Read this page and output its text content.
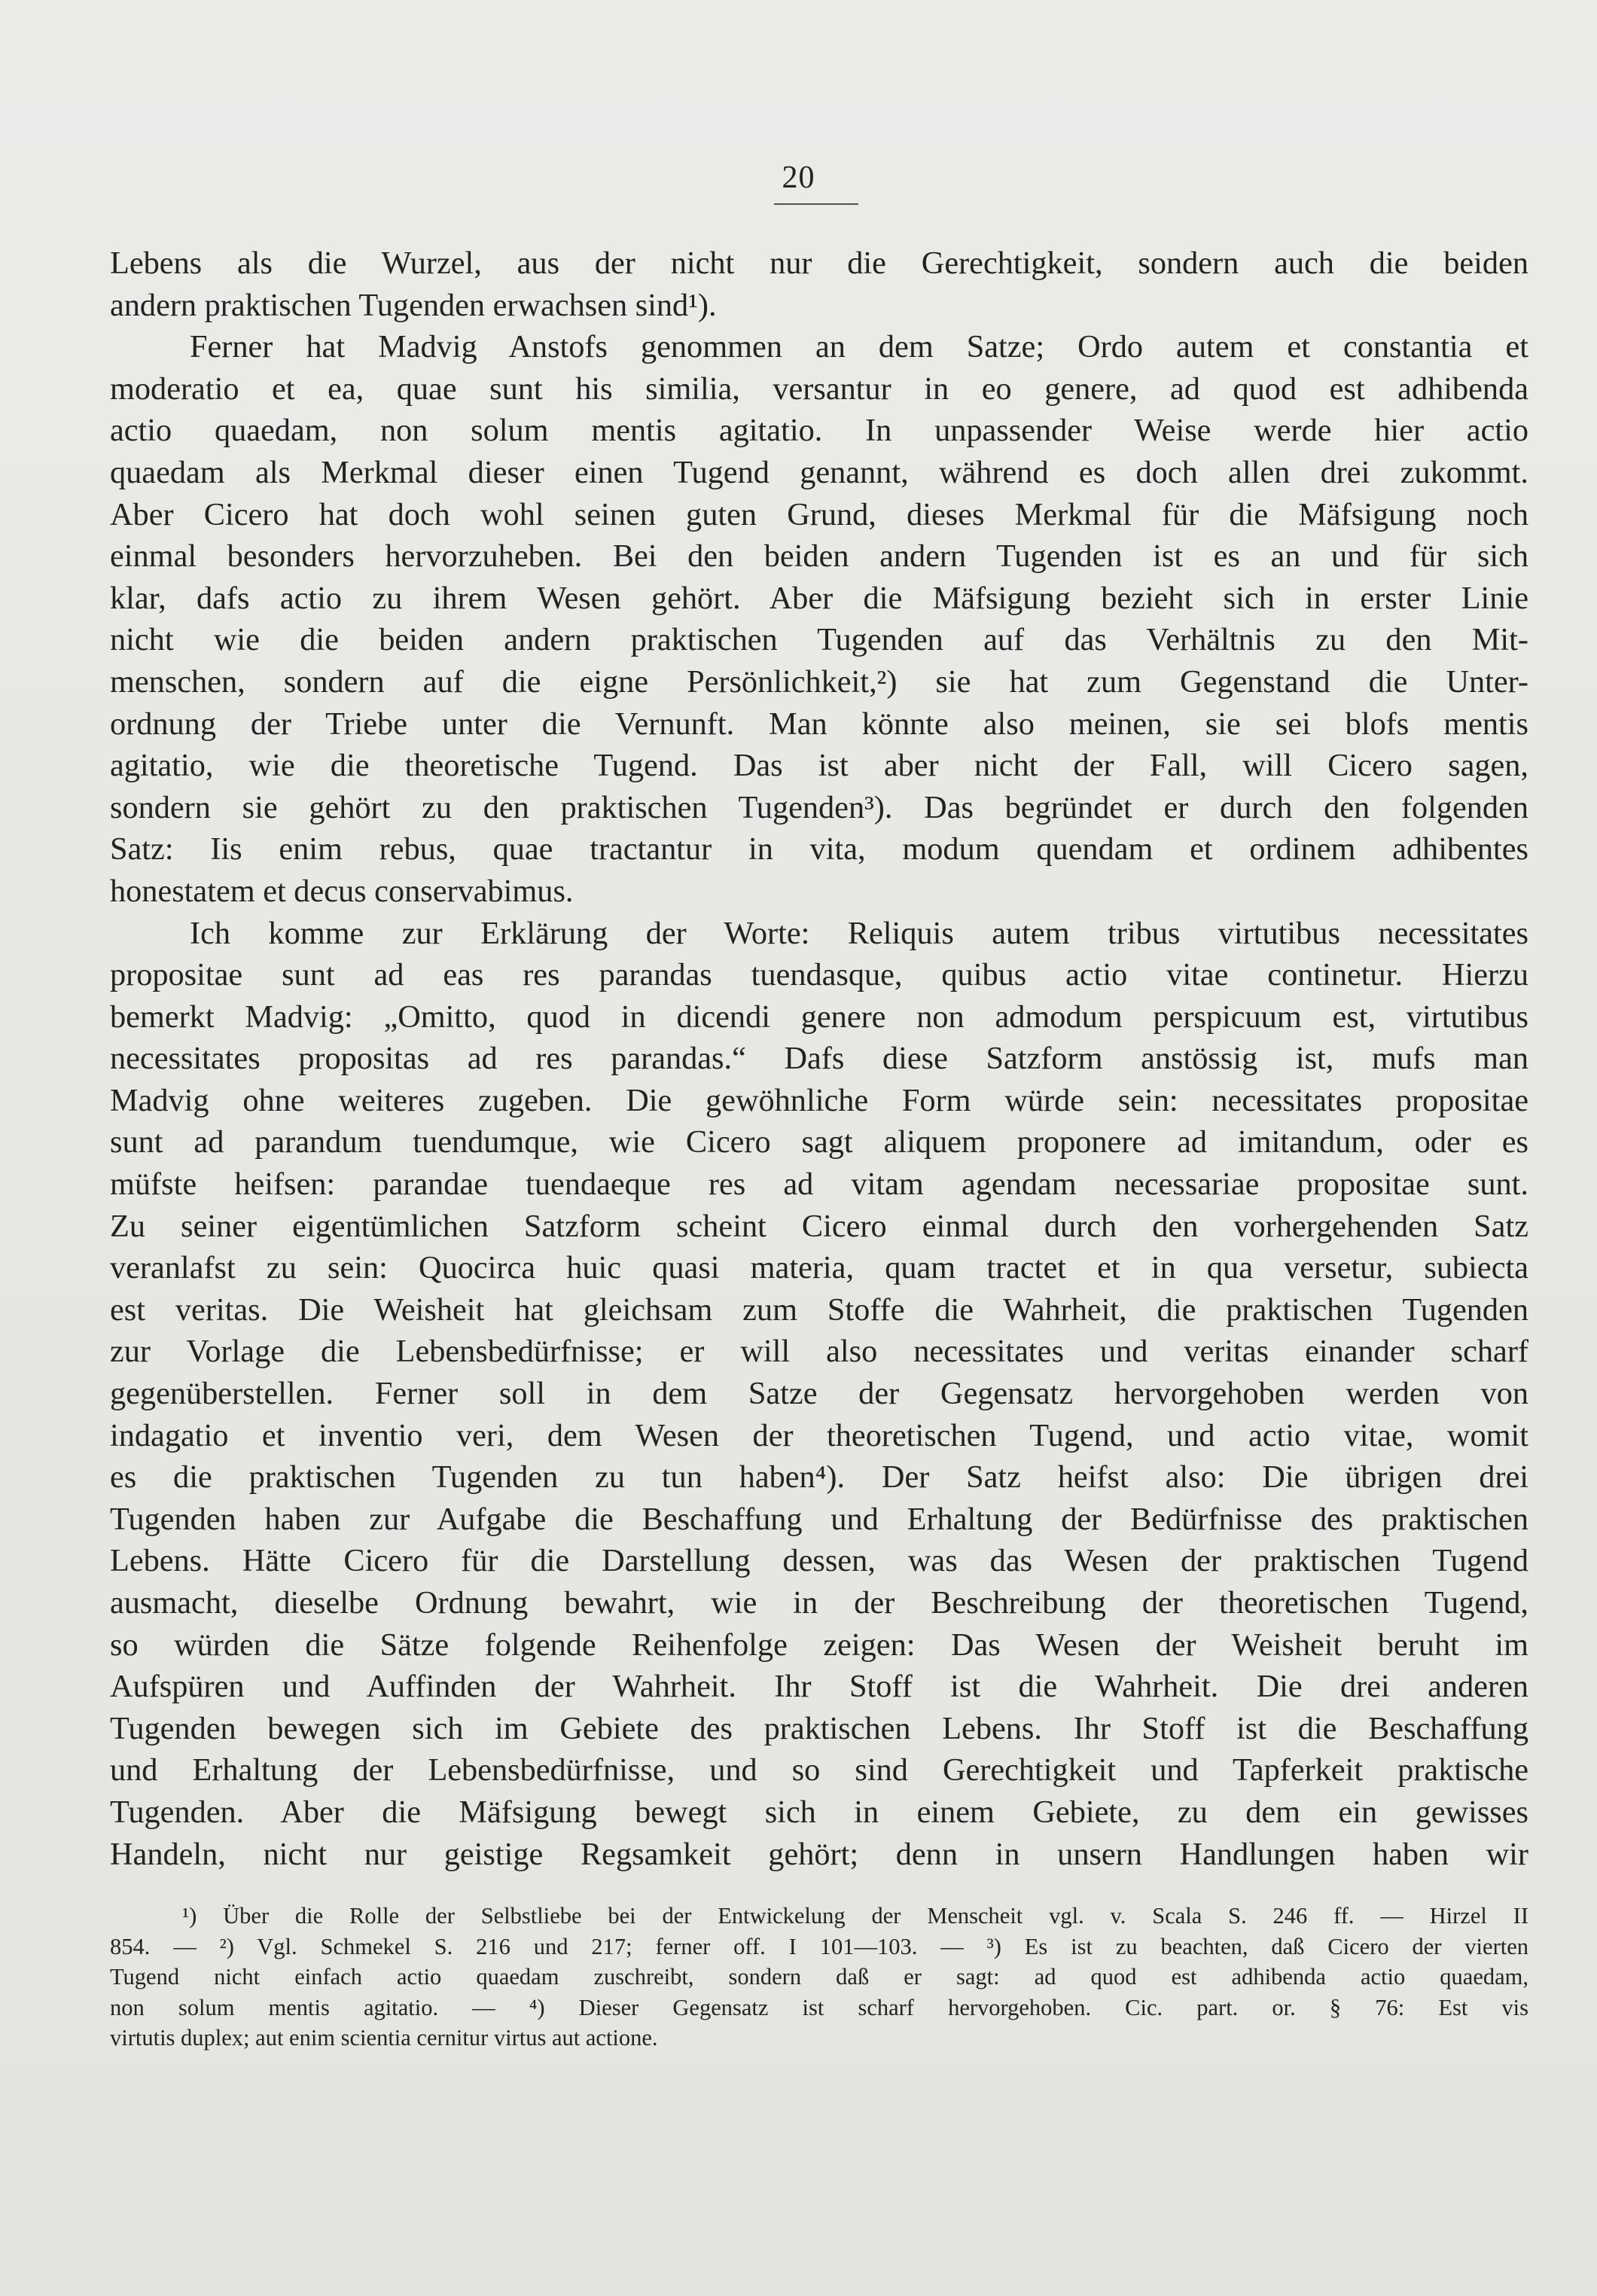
20
Lebens als die Wurzel, aus der nicht nur die Gerechtigkeit, sondern auch die beiden
andern praktischen Tugenden erwachsen sind¹).
Ferner hat Madvig Anstofs genommen an dem Satze; Ordo autem et constantia et
moderatio et ea, quae sunt his similia, versantur in eo genere, ad quod est adhibenda
actio quaedam, non solum mentis agitatio. In unpassender Weise werde hier actio
quaedam als Merkmal dieser einen Tugend genannt, während es doch allen drei zukommt.
Aber Cicero hat doch wohl seinen guten Grund, dieses Merkmal für die Mäfsigung noch
einmal besonders hervorzuheben. Bei den beiden andern Tugenden ist es an und für sich
klar, dafs actio zu ihrem Wesen gehört. Aber die Mäfsigung bezieht sich in erster Linie
nicht wie die beiden andern praktischen Tugenden auf das Verhältnis zu den Mit-
menschen, sondern auf die eigne Persönlichkeit,²) sie hat zum Gegenstand die Unter-
ordnung der Triebe unter die Vernunft. Man könnte also meinen, sie sei blofs mentis
agitatio, wie die theoretische Tugend. Das ist aber nicht der Fall, will Cicero sagen,
sondern sie gehört zu den praktischen Tugenden³). Das begründet er durch den folgenden
Satz: Iis enim rebus, quae tractantur in vita, modum quendam et ordinem adhibentes
honestatem et decus conservabimus.
Ich komme zur Erklärung der Worte: Reliquis autem tribus virtutibus necessitates
propositae sunt ad eas res parandas tuendasque, quibus actio vitae continetur. Hierzu
bemerkt Madvig: „Omitto, quod in dicendi genere non admodum perspicuum est, virtutibus
necessitates propositas ad res parandas.“ Dafs diese Satzform anstössig ist, mufs man
Madvig ohne weiteres zugeben. Die gewöhnliche Form würde sein: necessitates propositae
sunt ad parandum tuendumque, wie Cicero sagt aliquem proponere ad imitandum, oder es
müfste heifsen: parandae tuendaeque res ad vitam agendam necessariae propositae sunt.
Zu seiner eigentümlichen Satzform scheint Cicero einmal durch den vorhergehenden Satz
veranlafst zu sein: Quocirca huic quasi materia, quam tractet et in qua versetur, subiecta
est veritas. Die Weisheit hat gleichsam zum Stoffe die Wahrheit, die praktischen Tugenden
zur Vorlage die Lebensbedürfnisse; er will also necessitates und veritas einander scharf
gegenüberstellen. Ferner soll in dem Satze der Gegensatz hervorgehoben werden von
indagatio et inventio veri, dem Wesen der theoretischen Tugend, und actio vitae, womit
es die praktischen Tugenden zu tun haben⁴). Der Satz heifst also: Die übrigen drei
Tugenden haben zur Aufgabe die Beschaffung und Erhaltung der Bedürfnisse des praktischen
Lebens. Hätte Cicero für die Darstellung dessen, was das Wesen der praktischen Tugend
ausmacht, dieselbe Ordnung bewahrt, wie in der Beschreibung der theoretischen Tugend,
so würden die Sätze folgende Reihenfolge zeigen: Das Wesen der Weisheit beruht im
Aufspüren und Auffinden der Wahrheit. Ihr Stoff ist die Wahrheit. Die drei anderen
Tugenden bewegen sich im Gebiete des praktischen Lebens. Ihr Stoff ist die Beschaffung
und Erhaltung der Lebensbedürfnisse, und so sind Gerechtigkeit und Tapferkeit praktische
Tugenden. Aber die Mäfsigung bewegt sich in einem Gebiete, zu dem ein gewisses
Handeln, nicht nur geistige Regsamkeit gehört; denn in unsern Handlungen haben wir
¹) Über die Rolle der Selbstliebe bei der Entwickelung der Menscheit vgl. v. Scala S. 246 ff. — Hirzel II
854. — ²) Vgl. Schmekel S. 216 und 217; ferner off. I 101—103. — ³) Es ist zu beachten, daß Cicero der vierten
Tugend nicht einfach actio quaedam zuschreibt, sondern daß er sagt: ad quod est adhibenda actio quaedam,
non solum mentis agitatio. — ⁴) Dieser Gegensatz ist scharf hervorgehoben. Cic. part. or. § 76: Est vis
virtutis duplex; aut enim scientia cernitur virtus aut actione.
